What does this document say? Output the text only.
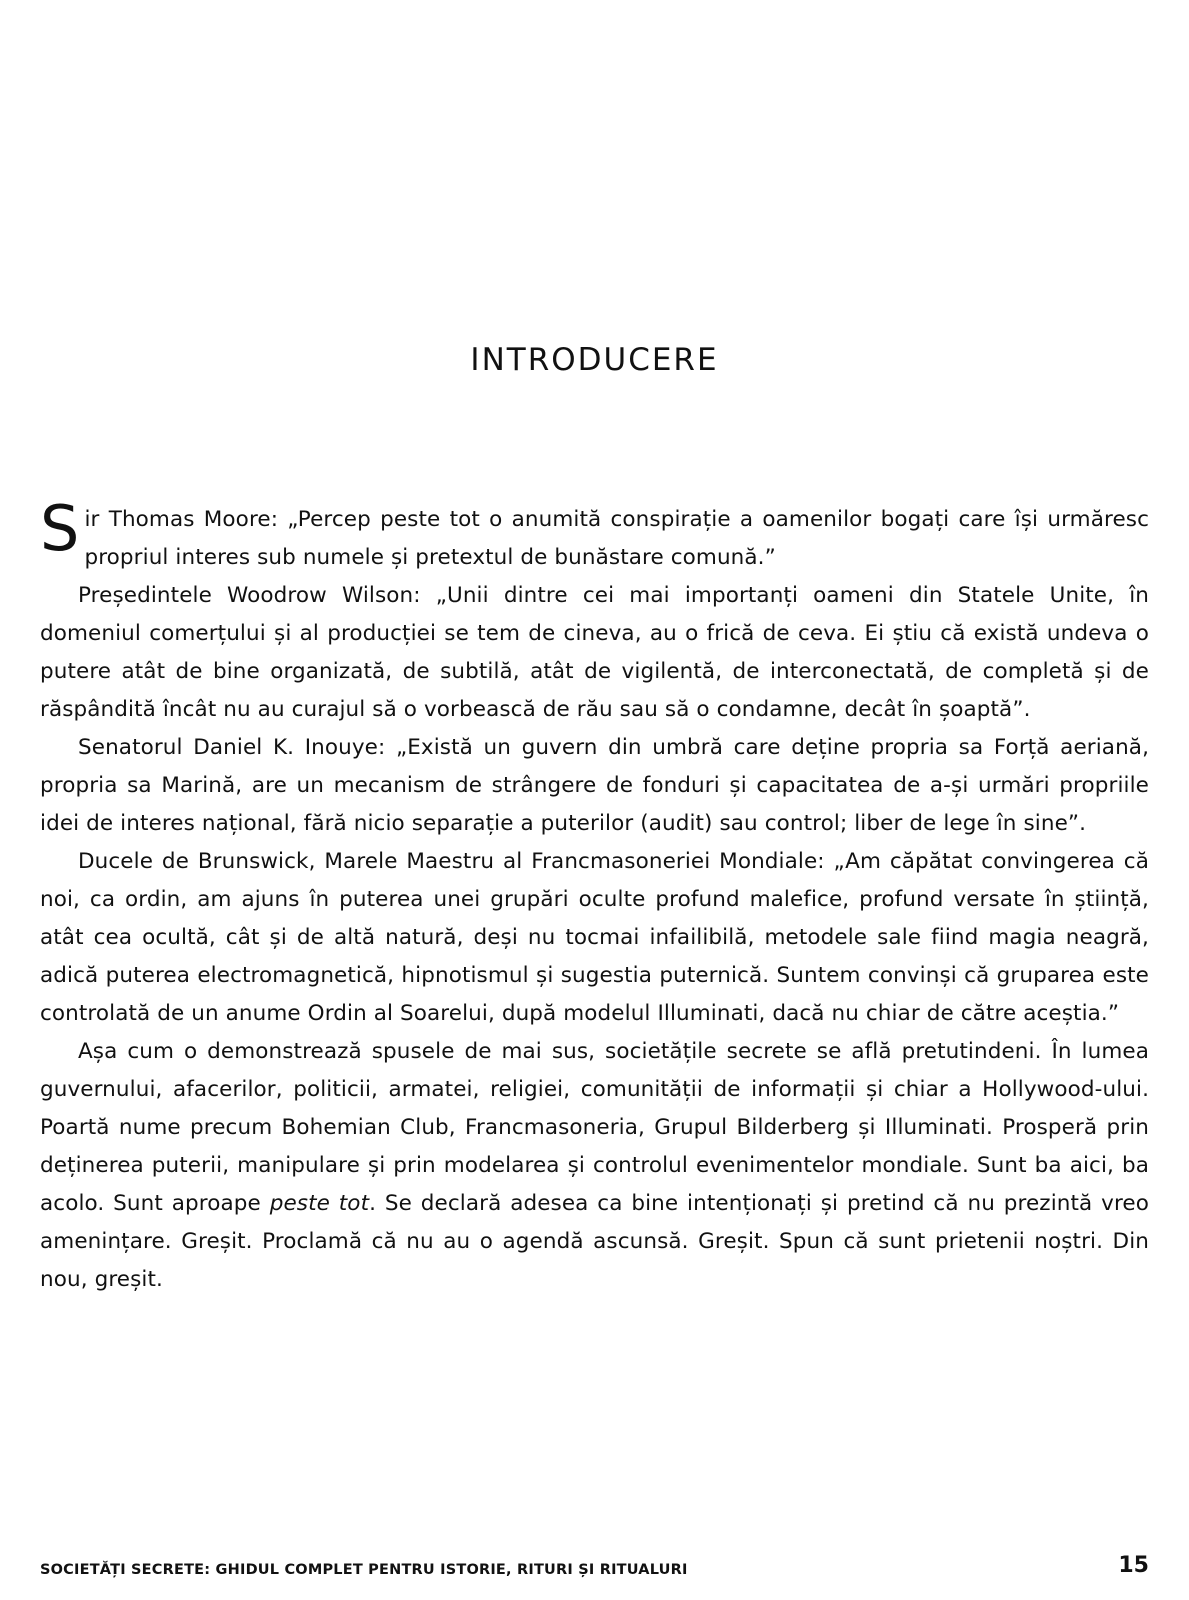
introducere

Sir Thomas Moore: „Percep peste tot o anumită conspirație a oamenilor bogați care își urmăresc propriul interes sub numele și pretextul de bunăstare comună.”

Președintele Woodrow Wilson: „Unii dintre cei mai importanți oameni din Statele Unite, în domeniul comerțului și al producției se tem de cineva, au o frică de ceva. Ei știu că există undeva o putere atât de bine organizată, de subtilă, atât de vigilentă, de interconectată, de completă și de răspândită încât nu au curajul să o vorbească de rău sau să o condamne, decât în șoaptă”.

Senatorul Daniel K. Inouye: „Există un guvern din umbră care deține propria sa Forță aeriană, propria sa Marină, are un mecanism de strângere de fonduri și capacitatea de a-și urmări propriile idei de interes național, fără nicio separație a puterilor (audit) sau control; liber de lege în sine”.

Ducele de Brunswick, Marele Maestru al Francmasoneriei Mondiale: „Am căpătat convingerea că noi, ca ordin, am ajuns în puterea unei grupări oculte profund malefice, profund versate în știință, atât cea ocultă, cât și de altă natură, deși nu tocmai infailibilă, metodele sale fiind magia neagră, adică puterea electromagnetică, hipnotismul și sugestia puternică. Suntem convinși că gruparea este controlată de un anume Ordin al Soarelui, după modelul Illuminati, dacă nu chiar de către aceștia.”

Așa cum o demonstrează spusele de mai sus, societățile secrete se află pretutindeni. În lumea guvernului, afacerilor, politicii, armatei, religiei, comunității de informații și chiar a Hollywood-ului. Poartă nume precum Bohemian Club, Francmasoneria, Grupul Bilderberg și Illuminati. Prosperă prin deținerea puterii, manipulare și prin modelarea și controlul evenimentelor mondiale. Sunt ba aici, ba acolo. Sunt aproape peste tot. Se declară adesea ca bine intenționați și pretind că nu prezintă vreo amenințare. Greșit. Proclamă că nu au o agendă ascunsă. Greșit. Spun că sunt prietenii noștri. Din nou, greșit.

SOCIETĂȚI SECRETE: GHIDUL COMPLET PENTRU ISTORIE, RITURI ȘI RITUALURI	15
